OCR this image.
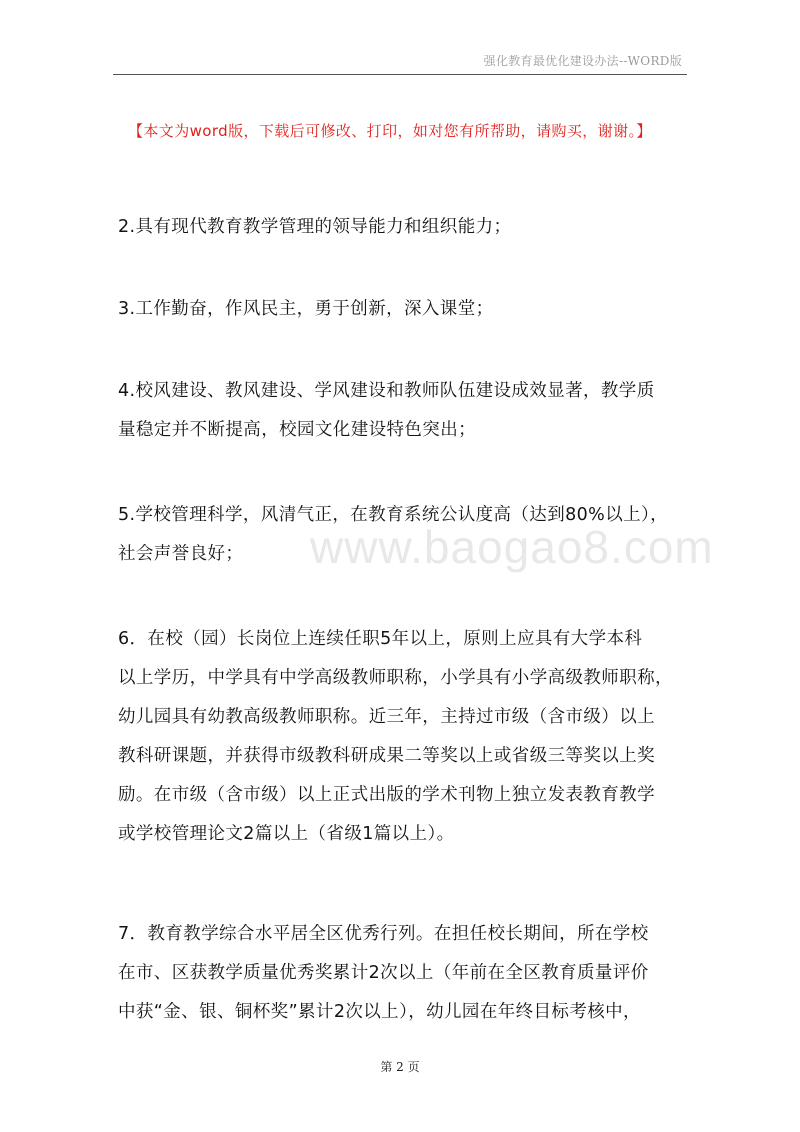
强化教育最优化建设办法--WORD版
【本文为word版，下载后可修改、打印，如对您有所帮助，请购买，谢谢。】
www.baogao8.com
2.具有现代教育教学管理的领导能力和组织能力；
3.工作勤奋，作风民主，勇于创新，深入课堂；
4.校风建设、教风建设、学风建设和教师队伍建设成效显著，教学质
量稳定并不断提高，校园文化建设特色突出；
5.学校管理科学，风清气正，在教育系统公认度高（达到80%以上），
社会声誉良好；
6．在校（园）长岗位上连续任职5年以上，原则上应具有大学本科
以上学历，中学具有中学高级教师职称，小学具有小学高级教师职称，
幼儿园具有幼教高级教师职称。近三年，主持过市级（含市级）以上
教科研课题，并获得市级教科研成果二等奖以上或省级三等奖以上奖
励。在市级（含市级）以上正式出版的学术刊物上独立发表教育教学
或学校管理论文2篇以上（省级1篇以上）。
7．教育教学综合水平居全区优秀行列。在担任校长期间，所在学校
在市、区获教学质量优秀奖累计2次以上（年前在全区教育质量评价
中获“金、银、铜杯奖”累计2次以上），幼儿园在年终目标考核中，
第 2 页
